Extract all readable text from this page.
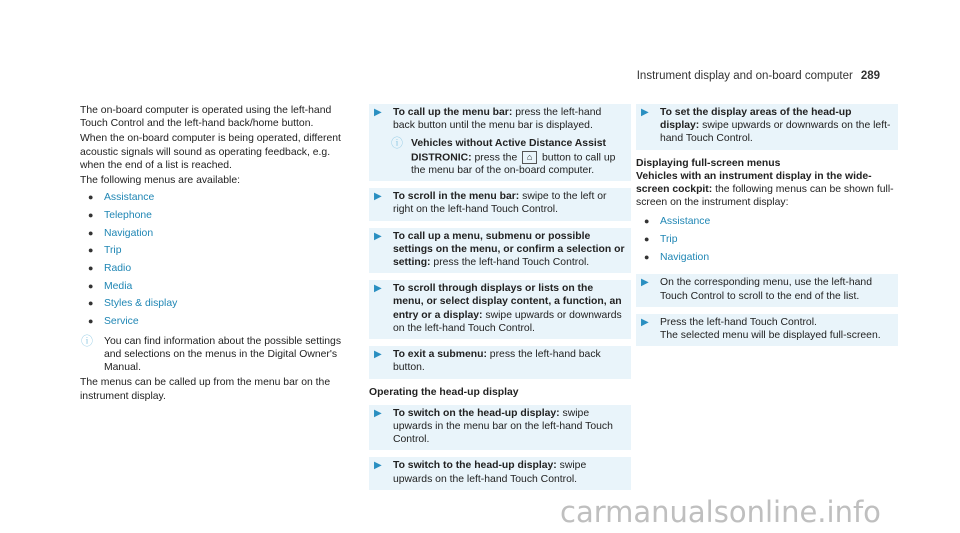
Instrument display and on-board computer 289

The on-board computer is operated using the left-hand Touch Control and the left-hand back/home button.

When the on-board computer is being operated, different acoustic signals will sound as operating feedback, e.g. when the end of a list is reached.

The following menus are available:

● Assistance
● Telephone
● Navigation
● Trip
● Radio
● Media
● Styles & display
● Service
ⓘ You can find information about the possible settings and selections on the menus in the Digital Owner's Manual.

The menus can be called up from the menu bar on the instrument display.

▶ To call up the menu bar: press the left-hand back button until the menu bar is displayed.
ⓘ Vehicles without Active Distance Assist DISTRONIC: press the ⌂ button to call up the menu bar of the on-board computer.
▶ To scroll in the menu bar: swipe to the left or right on the left-hand Touch Control.
▶ To call up a menu, submenu or possible settings on the menu, or confirm a selection or setting: press the left-hand Touch Control.
▶ To scroll through displays or lists on the menu, or select display content, a function, an entry or a display: swipe upwards or downwards on the left-hand Touch Control.
▶ To exit a submenu: press the left-hand back button.
Operating the head-up display
▶ To switch on the head-up display: swipe upwards in the menu bar on the left-hand Touch Control.
▶ To switch to the head-up display: swipe upwards on the left-hand Touch Control.
▶ To set the display areas of the head-up display: swipe upwards or downwards on the left-hand Touch Control.
Displaying full-screen menus

Vehicles with an instrument display in the wide-screen cockpit: the following menus can be shown full-screen on the instrument display:

● Assistance
● Trip
● Navigation
▶ On the corresponding menu, use the left-hand Touch Control to scroll to the end of the list.
▶ Press the left-hand Touch Control.
The selected menu will be displayed full-screen.
carmanualsonline.info
